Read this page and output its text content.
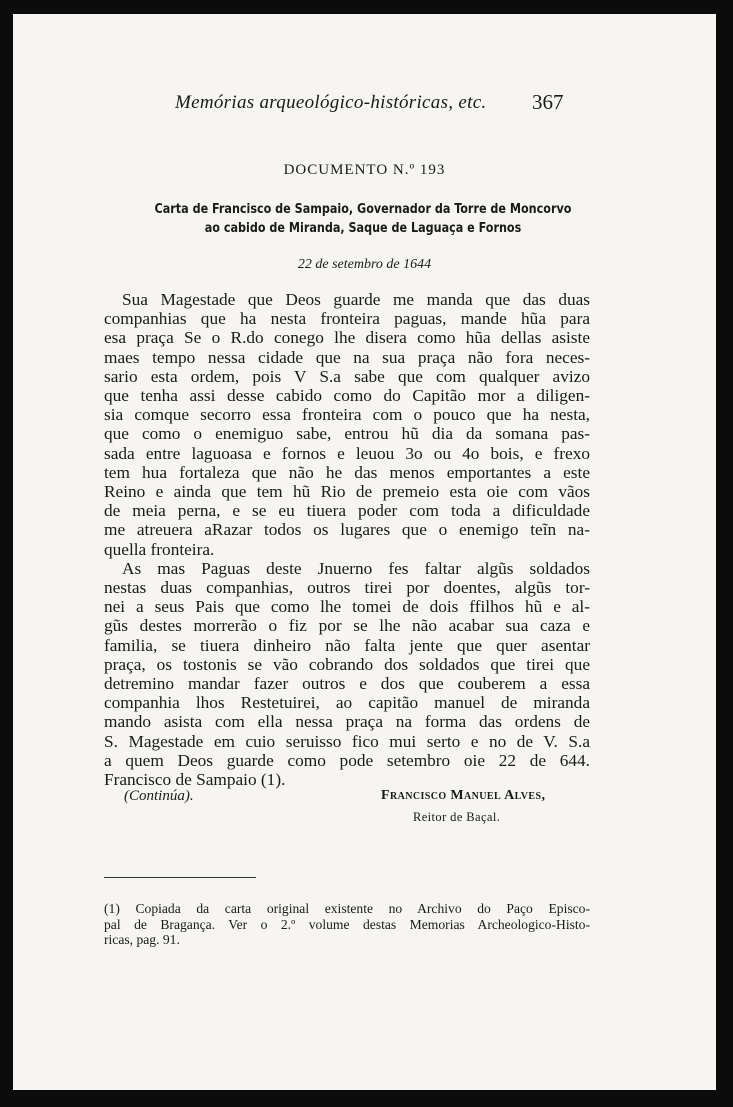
Memórias arqueológico-históricas, etc. 367
DOCUMENTO N.º 193
Carta de Francisco de Sampaio, Governador da Torre de Moncorvo
ao cabido de Miranda, Saque de Laguaça e Fornos
22 de setembro de 1644
Sua Magestade que Deos guarde me manda que das duas
companhias que ha nesta fronteira paguas, mande hũa para
esa praça Se o R.do conego lhe disera como hũa dellas asiste
maes tempo nessa cidade que na sua praça não fora neces-
sario esta ordem, pois V S.a sabe que com qualquer avizo
que tenha assi desse cabido como do Capitão mor a diligen-
sia comque secorro essa fronteira com o pouco que ha nesta,
que como o enemiguo sabe, entrou hũ dia da somana pas-
sada entre laguoasa e fornos e leuou 3o ou 4o bois, e frexo
tem hua fortaleza que não he das menos emportantes a este
Reino e ainda que tem hũ Rio de premeio esta oie com vãos
de meia perna, e se eu tiuera poder com toda a dificuldade
me atreuera aRazar todos os lugares que o enemigo teĩn na-
quella fronteira.
As mas Paguas deste Jnuerno fes faltar algũs soldados
nestas duas companhias, outros tirei por doentes, algũs tor-
nei a seus Pais que como lhe tomei de dois ffilhos hũ e al-
gũs destes morrerão o fiz por se lhe não acabar sua caza e
familia, se tiuera dinheiro não falta jente que quer asentar
praça, os tostonis se vão cobrando dos soldados que tirei que
detremino mandar fazer outros e dos que couberem a essa
companhia lhos Restetuirei, ao capitão manuel de miranda
mando asista com ella nessa praça na forma das ordens de
S. Magestade em cuio seruisso fico mui serto e no de V. S.a
a quem Deos guarde como pode setembro oie 22 de 644.
Francisco de Sampaio (1).
(Continúa).	Francisco Manuel Alves,
Reitor de Baçal.
(1) Copiada da carta original existente no Archivo do Paço Episco-
pal de Bragança. Ver o 2.º volume destas Memorias Archeologico-Histo-
ricas, pag. 91.
